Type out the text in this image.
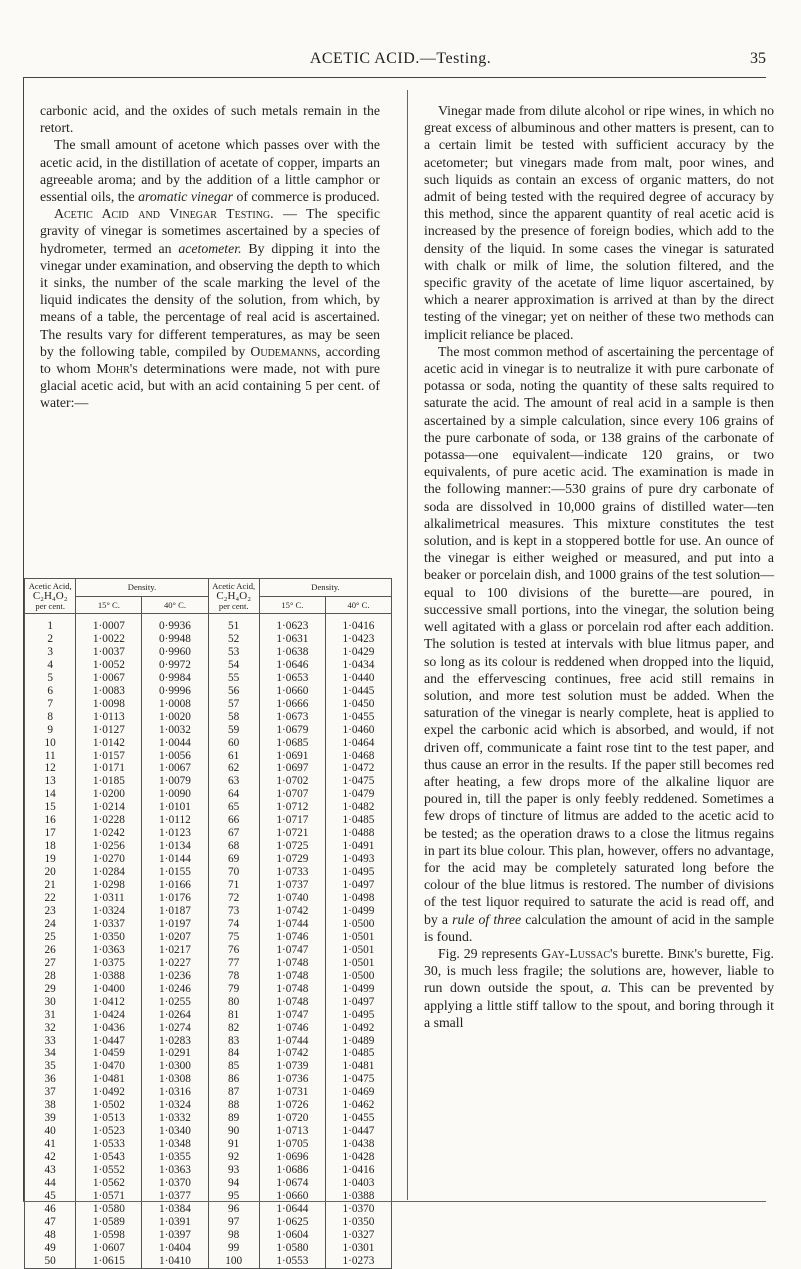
ACETIC ACID.—Testing.	35

carbonic acid, and the oxides of such metals remain in the retort.

The small amount of acetone which passes over with the acetic acid, in the distillation of acetate of copper, imparts an agreeable aroma; and by the addition of a little camphor or essential oils, the aromatic vinegar of commerce is produced.

Acetic Acid and Vinegar Testing. — The specific gravity of vinegar is sometimes ascertained by a species of hydrometer, termed an acetometer. By dipping it into the vinegar under examination, and observing the depth to which it sinks, the number of the scale marking the level of the liquid indicates the density of the solution, from which, by means of a table, the percentage of real acid is ascertained. The results vary for different temperatures, as may be seen by the following table, compiled by Oudemanns, according to whom Mohr's determinations were made, not with pure glacial acetic acid, but with an acid containing 5 per cent. of water:—

Acetic Acid,
C₂H₄O₂
per cent.	Density.		Acetic Acid,
C₂H₄O₂
per cent.	Density.	
	15° C.	40° C.		15° C.	40° C.
1	1·0007	0·9936	51	1·0623	1·0416
2	1·0022	0·9948	52	1·0631	1·0423
3	1·0037	0·9960	53	1·0638	1·0429
4	1·0052	0·9972	54	1·0646	1·0434
5	1·0067	0·9984	55	1·0653	1·0440
6	1·0083	0·9996	56	1·0660	1·0445
7	1·0098	1·0008	57	1·0666	1·0450
8	1·0113	1·0020	58	1·0673	1·0455
9	1·0127	1·0032	59	1·0679	1·0460
10	1·0142	1·0044	60	1·0685	1·0464
11	1·0157	1·0056	61	1·0691	1·0468
12	1·0171	1·0067	62	1·0697	1·0472
13	1·0185	1·0079	63	1·0702	1·0475
14	1·0200	1·0090	64	1·0707	1·0479
15	1·0214	1·0101	65	1·0712	1·0482
16	1·0228	1·0112	66	1·0717	1·0485
17	1·0242	1·0123	67	1·0721	1·0488
18	1·0256	1·0134	68	1·0725	1·0491
19	1·0270	1·0144	69	1·0729	1·0493
20	1·0284	1·0155	70	1·0733	1·0495
21	1·0298	1·0166	71	1·0737	1·0497
22	1·0311	1·0176	72	1·0740	1·0498
23	1·0324	1·0187	73	1·0742	1·0499
24	1·0337	1·0197	74	1·0744	1·0500
25	1·0350	1·0207	75	1·0746	1·0501
26	1·0363	1·0217	76	1·0747	1·0501
27	1·0375	1·0227	77	1·0748	1·0501
28	1·0388	1·0236	78	1·0748	1·0500
29	1·0400	1·0246	79	1·0748	1·0499
30	1·0412	1·0255	80	1·0748	1·0497
31	1·0424	1·0264	81	1·0747	1·0495
32	1·0436	1·0274	82	1·0746	1·0492
33	1·0447	1·0283	83	1·0744	1·0489
34	1·0459	1·0291	84	1·0742	1·0485
35	1·0470	1·0300	85	1·0739	1·0481
36	1·0481	1·0308	86	1·0736	1·0475
37	1·0492	1·0316	87	1·0731	1·0469
38	1·0502	1·0324	88	1·0726	1·0462
39	1·0513	1·0332	89	1·0720	1·0455
40	1·0523	1·0340	90	1·0713	1·0447
41	1·0533	1·0348	91	1·0705	1·0438
42	1·0543	1·0355	92	1·0696	1·0428
43	1·0552	1·0363	93	1·0686	1·0416
44	1·0562	1·0370	94	1·0674	1·0403
45	1·0571	1·0377	95	1·0660	1·0388
46	1·0580	1·0384	96	1·0644	1·0370
47	1·0589	1·0391	97	1·0625	1·0350
48	1·0598	1·0397	98	1·0604	1·0327
49	1·0607	1·0404	99	1·0580	1·0301
50	1·0615	1·0410	100	1·0553	1·0273

Vinegar made from dilute alcohol or ripe wines, in which no great excess of albuminous and other matters is present, can to a certain limit be tested with sufficient accuracy by the acetometer; but vinegars made from malt, poor wines, and such liquids as contain an excess of organic matters, do not admit of being tested with the required degree of accuracy by this method, since the apparent quantity of real acetic acid is increased by the presence of foreign bodies, which add to the density of the liquid. In some cases the vinegar is saturated with chalk or milk of lime, the solution filtered, and the specific gravity of the acetate of lime liquor ascertained, by which a nearer approximation is arrived at than by the direct testing of the vinegar; yet on neither of these two methods can implicit reliance be placed.

The most common method of ascertaining the percentage of acetic acid in vinegar is to neutralize it with pure carbonate of potassa or soda, noting the quantity of these salts required to saturate the acid. The amount of real acid in a sample is then ascertained by a simple calculation, since every 106 grains of the pure carbonate of soda, or 138 grains of the carbonate of potassa—one equivalent—indicate 120 grains, or two equivalents, of pure acetic acid. The examination is made in the following manner:—530 grains of pure dry carbonate of soda are dissolved in 10,000 grains of distilled water—ten alkalimetrical measures. This mixture constitutes the test solution, and is kept in a stoppered bottle for use. An ounce of the vinegar is either weighed or measured, and put into a beaker or porcelain dish, and 1000 grains of the test solution—equal to 100 divisions of the burette—are poured, in successive small portions, into the vinegar, the solution being well agitated with a glass or porcelain rod after each addition. The solution is tested at intervals with blue litmus paper, and so long as its colour is reddened when dropped into the liquid, and the effervescing continues, free acid still remains in solution, and more test solution must be added. When the saturation of the vinegar is nearly complete, heat is applied to expel the carbonic acid which is absorbed, and would, if not driven off, communicate a faint rose tint to the test paper, and thus cause an error in the results. If the paper still becomes red after heating, a few drops more of the alkaline liquor are poured in, till the paper is only feebly reddened. Sometimes a few drops of tincture of litmus are added to the acetic acid to be tested; as the operation draws to a close the litmus regains in part its blue colour. This plan, however, offers no advantage, for the acid may be completely saturated long before the colour of the blue litmus is restored. The number of divisions of the test liquor required to saturate the acid is read off, and by a rule of three calculation the amount of acid in the sample is found.

Fig. 29 represents Gay-Lussac's burette. Bink's burette, Fig. 30, is much less fragile; the solutions are, however, liable to run down outside the spout, a. This can be prevented by applying a little stiff tallow to the spout, and boring through it a small
